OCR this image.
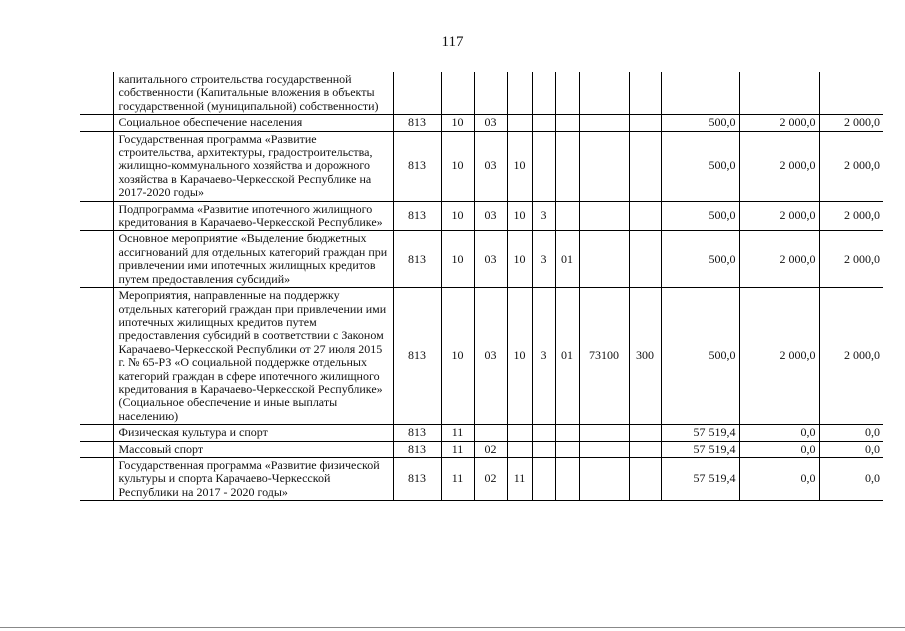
117
	капитального строительства государственной собственности (Капитальные вложения в объекты государственной (муниципальной) собственности)											
	Социальное обеспечение населения	813	10	03						500,0	2 000,0	2 000,0
	Государственная программа «Развитие строительства, архитектуры, градостроительства, жилищно-коммунального хозяйства и дорожного хозяйства в Карачаево-Черкесской Республике на 2017-2020 годы»	813	10	03	10					500,0	2 000,0	2 000,0
	Подпрограмма «Развитие ипотечного жилищного кредитования в Карачаево-Черкесской Республике»	813	10	03	10	3				500,0	2 000,0	2 000,0
	Основное мероприятие «Выделение бюджетных ассигнований для отдельных категорий граждан при привлечении ими ипотечных жилищных кредитов путем предоставления субсидий»	813	10	03	10	3	01			500,0	2 000,0	2 000,0
	Мероприятия, направленные на поддержку отдельных категорий граждан при привлечении ими ипотечных жилищных кредитов путем предоставления субсидий в соответствии с Законом Карачаево-Черкесской Республики от 27 июля 2015 г. № 65-РЗ «О социальной поддержке отдельных категорий граждан в сфере ипотечного жилищного кредитования в Карачаево-Черкесской Республике» (Социальное обеспечение и иные выплаты населению)	813	10	03	10	3	01	73100	300	500,0	2 000,0	2 000,0
	Физическая культура и спорт	813	11							57 519,4	0,0	0,0
	Массовый спорт	813	11	02						57 519,4	0,0	0,0
	Государственная программа «Развитие физической культуры и спорта Карачаево-Черкесской Республики на 2017 - 2020 годы»	813	11	02	11					57 519,4	0,0	0,0
